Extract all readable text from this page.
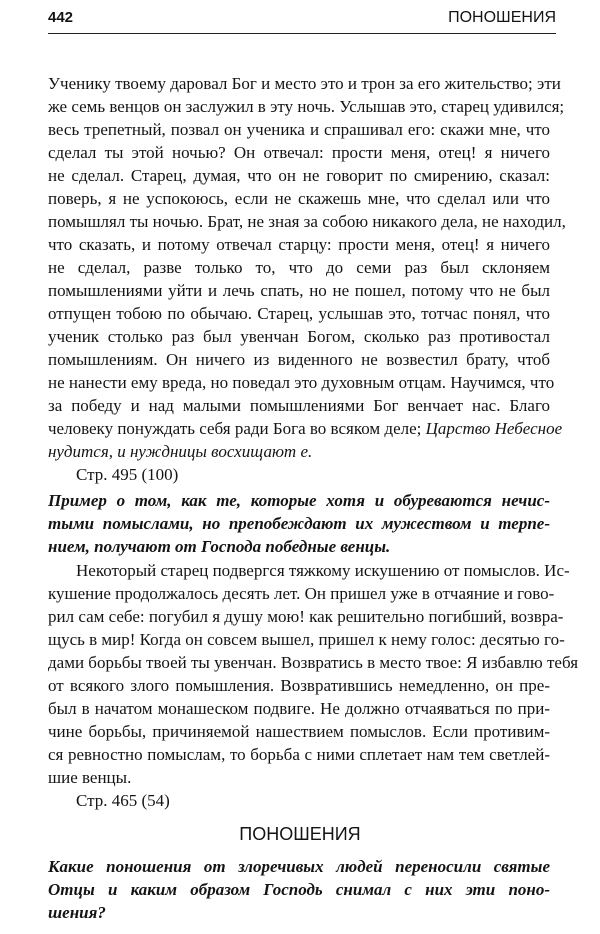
442	ПОНОШЕНИЯ
Ученику твоему даровал Бог и место это и трон за его жительство; эти
же семь венцов он заслужил в эту ночь. Услышав это, старец удивился;
весь трепетный, позвал он ученика и спрашивал его: скажи мне, что
сделал ты этой ночью? Он отвечал: прости меня, отец! я ничего
не сделал. Старец, думая, что он не говорит по смирению, сказал:
поверь, я не успокоюсь, если не скажешь мне, что сделал или что
помышлял ты ночью. Брат, не зная за собою никакого дела, не находил,
что сказать, и потому отвечал старцу: прости меня, отец! я ничего
не сделал, разве только то, что до семи раз был склоняем
помышлениями уйти и лечь спать, но не пошел, потому что не был
отпущен тобою по обычаю. Старец, услышав это, тотчас понял, что
ученик столько раз был увенчан Богом, сколько раз противостал
помышлениям. Он ничего из виденного не возвестил брату, чтоб
не нанести ему вреда, но поведал это духовным отцам. Научимся, что
за победу и над малыми помышлениями Бог венчает нас. Благо
человеку понуждать себя ради Бога во всяком деле; Царство Небесное
нудится, и нуждницы восхищают е.
Стр. 495 (100)
Пример о том, как те, которые хотя и обуреваются нечис-
тыми помыслами, но препобеждают их мужеством и терпе-
нием, получают от Господа победные венцы.
Некоторый старец подвергся тяжкому искушению от помыслов. Ис-
кушение продолжалось десять лет. Он пришел уже в отчаяние и гово-
рил сам себе: погубил я душу мою! как решительно погибший, возвра-
щусь в мир! Когда он совсем вышел, пришел к нему голос: десятью го-
дами борьбы твоей ты увенчан. Возвратись в место твое: Я избавлю тебя
от всякого злого помышления. Возвратившись немедленно, он пре-
был в начатом монашеском подвиге. Не должно отчаяваться по при-
чине борьбы, причиняемой нашествием помыслов. Если противим-
ся ревностно помыслам, то борьба с ними сплетает нам тем светлей-
шие венцы.
Стр. 465 (54)
ПОНОШЕНИЯ
Какие поношения от злоречивых людей переносили святые
Отцы и каким образом Господь снимал с них эти поно-
шения?
